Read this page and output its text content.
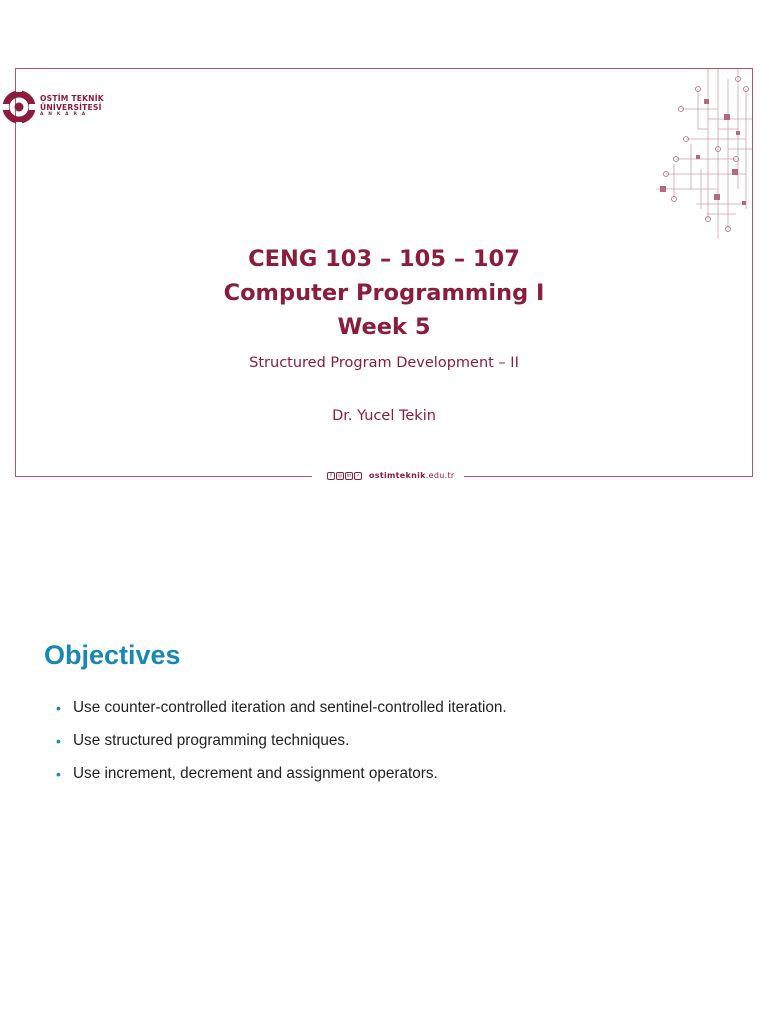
OSTİM TEKNİK
ÜNİVERSİTESİ
ANKARA
CENG 103 – 105 – 107
Computer Programming I
Week 5
Structured Program Development – II
Dr. Yucel Tekin
f	◎ in ✓ ostimteknik.edu.tr
Objectives
• Use counter-controlled iteration and sentinel-controlled iteration.
• Use structured programming techniques.
• Use increment, decrement and assignment operators.
